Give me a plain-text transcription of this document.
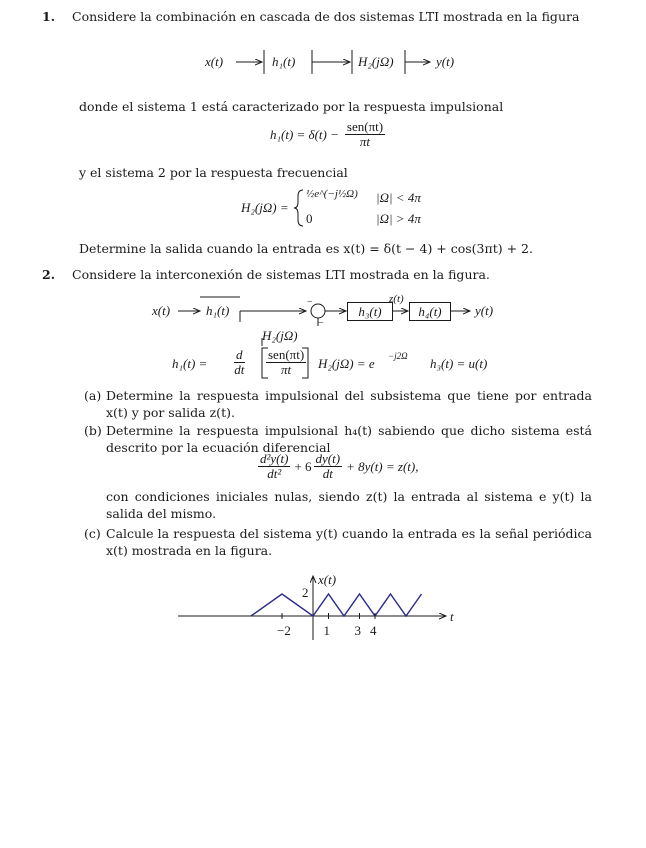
1. Considere la combinación en cascada de dos sistemas LTI mostrada en la figura
x(t)	h₁(t)	H₂(jΩ)	y(t)
donde el sistema 1 está caracterizado por la respuesta impulsional
$h_1(t) = \delta(t) - \frac{\text{sen(πt)}}{\pi t}$
y el sistema 2 por la respuesta frecuencial
H₂(jΩ) =
½e^(−j½Ω) |Ω| < 4π
0	|Ω| > 4π
Determine la salida cuando la entrada es x(t) = δ(t − 4) + cos(3πt) + 2.
2. Considere la interconexión de sistemas LTI mostrada en la figura.
x(t)	h₁(t)
H₂(jΩ)
−
−
h₃(t)
z(t)
h₄(t)	y(t)
$h_1(t) = \frac{d}{dt} sen(\pi t)$
πt H₂(jΩ) = e −j2Ω h₃(t) = u(t)
(a) Determine la respuesta impulsional del subsistema que tiene por entrada x(t) y por salida z(t).
(b) Determine la respuesta impulsional h₄(t) sabiendo que dicho sistema está descrito por la ecuación diferencial
$\frac{\text{d²y(t)}}{\text{dt²}} + 6 \frac{dy(t)}{dt} + 8y(t) = z(t)$,
con condiciones iniciales nulas, siendo z(t) la entrada al sistema e y(t) la salida del mismo.
(c) Calcule la respuesta del sistema y(t) cuando la entrada es la señal periódica x(t) mostrada en la figura.
x(t)
t
−2	1 3 4
2
